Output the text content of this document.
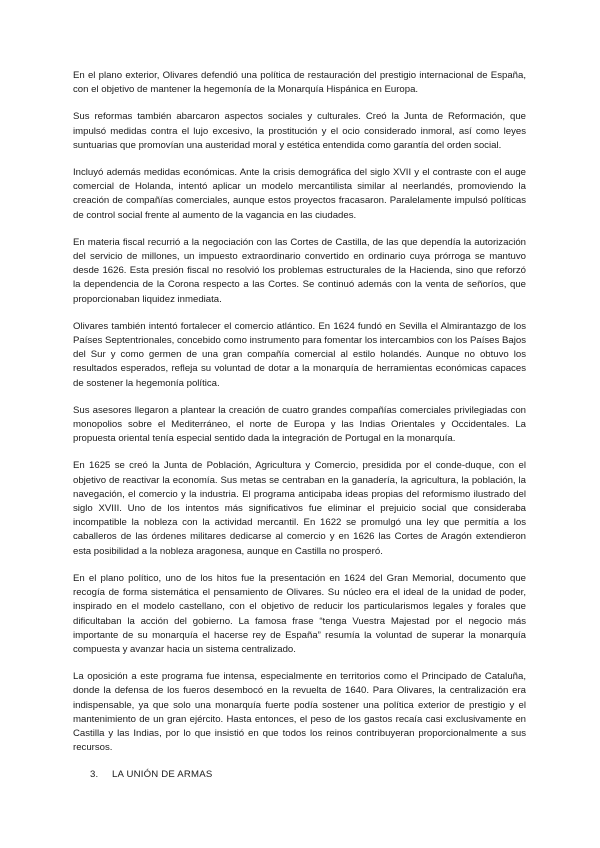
En el plano exterior, Olivares defendió una política de restauración del prestigio internacional de España, con el objetivo de mantener la hegemonía de la Monarquía Hispánica en Europa.

Sus reformas también abarcaron aspectos sociales y culturales. Creó la Junta de Reformación, que impulsó medidas contra el lujo excesivo, la prostitución y el ocio considerado inmoral, así como leyes suntuarias que promovían una austeridad moral y estética entendida como garantía del orden social.

Incluyó además medidas económicas. Ante la crisis demográfica del siglo XVII y el contraste con el auge comercial de Holanda, intentó aplicar un modelo mercantilista similar al neerlandés, promoviendo la creación de compañías comerciales, aunque estos proyectos fracasaron. Paralelamente impulsó políticas de control social frente al aumento de la vagancia en las ciudades.

En materia fiscal recurrió a la negociación con las Cortes de Castilla, de las que dependía la autorización del servicio de millones, un impuesto extraordinario convertido en ordinario cuya prórroga se mantuvo desde 1626. Esta presión fiscal no resolvió los problemas estructurales de la Hacienda, sino que reforzó la dependencia de la Corona respecto a las Cortes. Se continuó además con la venta de señoríos, que proporcionaban liquidez inmediata.

Olivares también intentó fortalecer el comercio atlántico. En 1624 fundó en Sevilla el Almirantazgo de los Países Septentrionales, concebido como instrumento para fomentar los intercambios con los Países Bajos del Sur y como germen de una gran compañía comercial al estilo holandés. Aunque no obtuvo los resultados esperados, refleja su voluntad de dotar a la monarquía de herramientas económicas capaces de sostener la hegemonía política.

Sus asesores llegaron a plantear la creación de cuatro grandes compañías comerciales privilegiadas con monopolios sobre el Mediterráneo, el norte de Europa y las Indias Orientales y Occidentales. La propuesta oriental tenía especial sentido dada la integración de Portugal en la monarquía.

En 1625 se creó la Junta de Población, Agricultura y Comercio, presidida por el conde-duque, con el objetivo de reactivar la economía. Sus metas se centraban en la ganadería, la agricultura, la población, la navegación, el comercio y la industria. El programa anticipaba ideas propias del reformismo ilustrado del siglo XVIII. Uno de los intentos más significativos fue eliminar el prejuicio social que consideraba incompatible la nobleza con la actividad mercantil. En 1622 se promulgó una ley que permitía a los caballeros de las órdenes militares dedicarse al comercio y en 1626 las Cortes de Aragón extendieron esta posibilidad a la nobleza aragonesa, aunque en Castilla no prosperó.

En el plano político, uno de los hitos fue la presentación en 1624 del Gran Memorial, documento que recogía de forma sistemática el pensamiento de Olivares. Su núcleo era el ideal de la unidad de poder, inspirado en el modelo castellano, con el objetivo de reducir los particularismos legales y forales que dificultaban la acción del gobierno. La famosa frase “tenga Vuestra Majestad por el negocio más importante de su monarquía el hacerse rey de España” resumía la voluntad de superar la monarquía compuesta y avanzar hacia un sistema centralizado.

La oposición a este programa fue intensa, especialmente en territorios como el Principado de Cataluña, donde la defensa de los fueros desembocó en la revuelta de 1640. Para Olivares, la centralización era indispensable, ya que solo una monarquía fuerte podía sostener una política exterior de prestigio y el mantenimiento de un gran ejército. Hasta entonces, el peso de los gastos recaía casi exclusivamente en Castilla y las Indias, por lo que insistió en que todos los reinos contribuyeran proporcionalmente a sus recursos.

3. LA UNIÓN DE ARMAS
